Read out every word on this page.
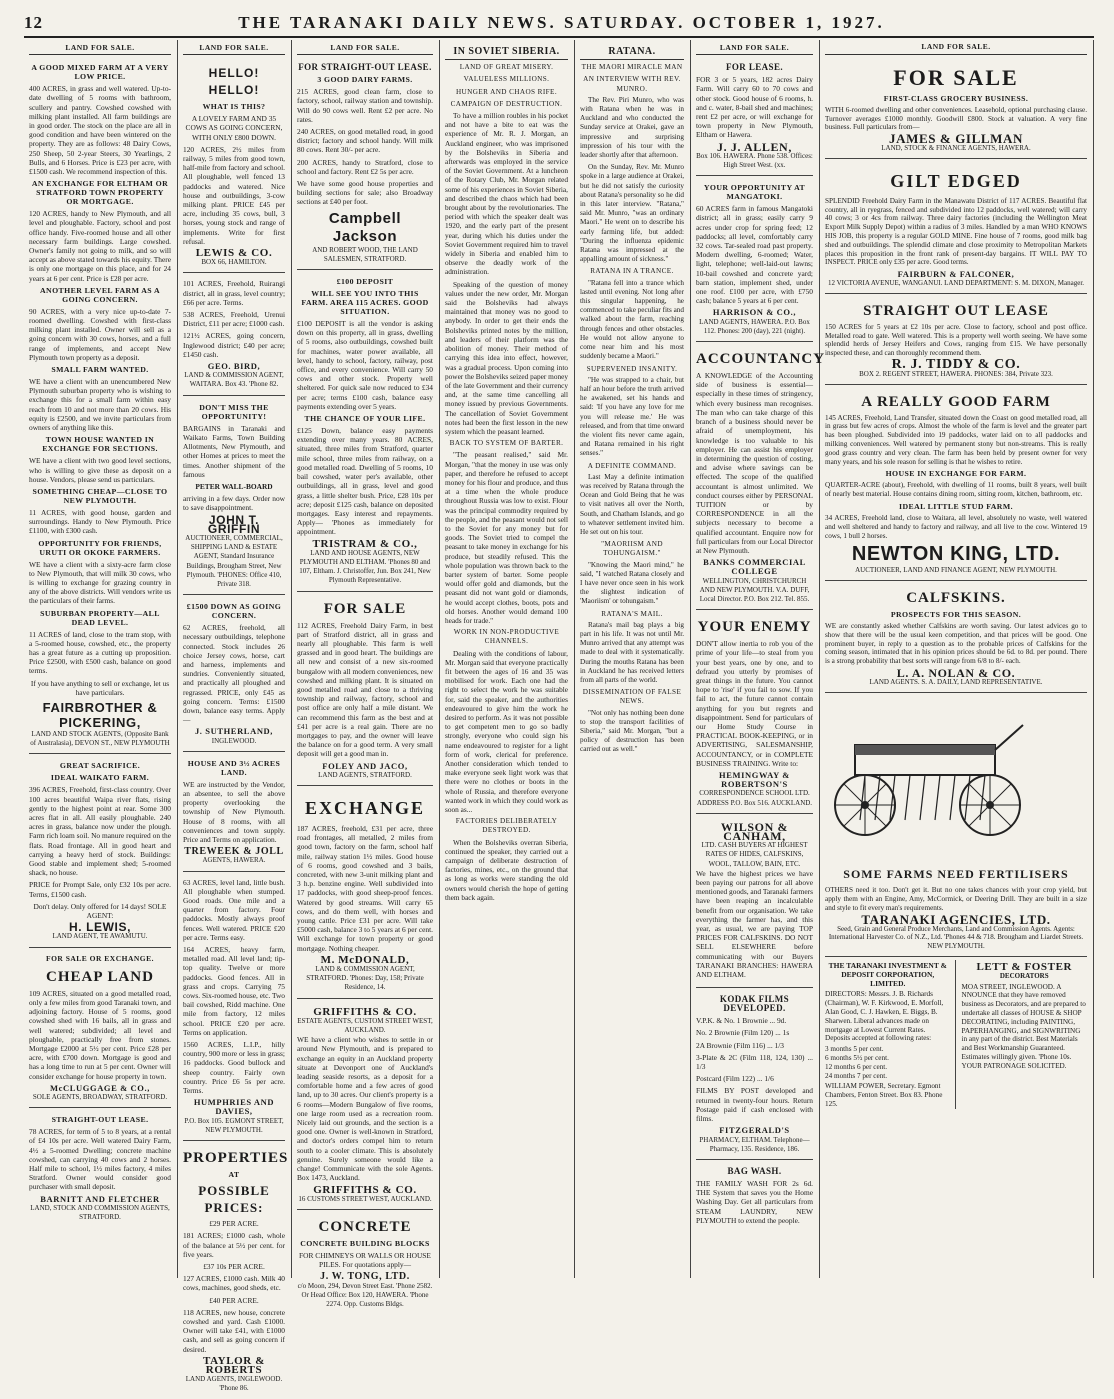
12	THE TARANAKI DAILY NEWS. SATURDAY. OCTOBER 1, 1927.
LAND FOR SALE.
A GOOD MIXED FARM AT A VERY LOW PRICE.

400 ACRES, in grass and well watered. Up-to-date dwelling of 5 rooms with bathroom, scullery and pantry. Cowshed cowshed with milking plant installed. All farm buildings are in good order. The stock on the place are all in good condition and have been wintered on the property. They are as follows: 48 Dairy Cows, 250 Sheep, 50 2-year Steers, 30 Yearlings, 2 Bulls, and 6 Horses. Price is £23 per acre, with £1500 cash. We recommend inspection of this.

AN EXCHANGE FOR ELTHAM OR STRATFORD TOWN PROPERTY OR MORTGAGE.

120 ACRES, handy to New Plymouth, and all level and ploughable. Factory, school and post office handy. Five-roomed house and all other necessary farm buildings. Large cowshed. Owner's family not going to milk, and so will accept as above stated towards his equity. There is only one mortgage on this place, and for 24 years at 6 per cent. Price is £28 per acre.

ANOTHER LEVEL FARM AS A GOING CONCERN.

90 ACRES, with a very nice up-to-date 7-roomed dwelling. Cowshed with first-class milking plant installed. Owner will sell as a going concern with 30 cows, horses, and a full range of implements, and accept New Plymouth town property as a deposit.

SMALL FARM WANTED.

WE have a client with an unencumbered New Plymouth suburban property who is wishing to exchange this for a small farm within easy reach from 10 and not more than 20 cows. His equity is £2500, and we invite particulars from owners of anything like this.

TOWN HOUSE WANTED IN EXCHANGE FOR SECTIONS.

WE have a client with two good level sections, who is willing to give these as deposit on a house. Vendors, please send us particulars.

SOMETHING CHEAP—CLOSE TO NEW PLYMOUTH.

11 ACRES, with good house, garden and surroundings. Handy to New Plymouth. Price £1100, with £300 cash.

OPPORTUNITY FOR FRIENDS, URUTI OR OKOKE FARMERS.

WE have a client with a sixty-acre farm close to New Plymouth, that will milk 30 cows, who is willing to exchange for grazing country in any of the above districts. Will vendors write us the particulars of their farms.

SUBURBAN PROPERTY—ALL DEAD LEVEL.

11 ACRES of land, close to the tram stop, with a 5-roomed house, cowshed, etc., the property has a great future as a cutting up proposition. Price £2500, with £500 cash, balance on good terms.

If you have anything to sell or exchange, let us have particulars.

FAIRBROTHER & PICKERING,
LAND AND STOCK AGENTS, (Opposite Bank of Australasia), DEVON ST., NEW PLYMOUTH
GREAT SACRIFICE.
IDEAL WAIKATO FARM.

396 ACRES, Freehold, first-class country. Over 100 acres beautiful Waipa river flats, rising gently to the highest point at rear. Some 300 acres flat in all. All easily ploughable. 240 acres in grass, balance now under the plough. Farm rich loam soil. No manure required on the flats. Road frontage. All in good heart and carrying a heavy herd of stock. Buildings: Good stable and implement shed; 5-roomed shack, no house.

PRICE for Prompt Sale, only £32 10s per acre. Terms, £1500 cash.

Don't delay. Only offered for 14 days! SOLE AGENT:

H. LEWIS,
LAND AGENT, TE AWAMUTU.
FOR SALE OR EXCHANGE.
CHEAP LAND

109 ACRES, situated on a good metalled road, only a few miles from good Taranaki town, and adjoining factory. House of 5 rooms, good cowshed shed with 16 bails, all in grass and well watered; subdivided; all level and ploughable, practically free from stones. Mortgage £2000 at 5½ per cent. Price £28 per acre, with £700 down. Mortgage is good and has a long time to run at 5 per cent. Owner will consider exchange for house property in town.

McCLUGGAGE & CO.,
SOLE AGENTS, BROADWAY, STRATFORD.
STRAIGHT-OUT LEASE.

78 ACRES, for term of 5 to 8 years, at a rental of £4 10s per acre. Well watered Dairy Farm, 4½ a 5-roomed Dwelling; concrete machine cowshed, can carrying 40 cows and 2 horses. Half mile to school, 1½ miles factory, 4 miles Stratford. Owner would consider good purchaser with small deposit.

BARNITT AND FLETCHER
LAND, STOCK AND COMMISSION AGENTS, STRATFORD.
LAND FOR SALE.
HELLO! HELLO!
WHAT IS THIS?

A LOVELY FARM AND 35 COWS AS GOING CONCERN, WITH ONLY £800 DOWN.

120 ACRES, 2½ miles from railway, 5 miles from good town, half-mile from factory and school. All ploughable, well fenced 13 paddocks and watered. Nice house and outbuildings, 3-cow milking plant. PRICE £45 per acre, including 35 cows, bull, 3 horses, young stock and range of implements. Write for first refusal.

LEWIS & CO.
BOX 66, HAMILTON.

101 ACRES, Freehold, Ruirangi district, all in grass, level country; £66 per acre. Terms.

538 ACRES, Freehold, Urenui District, £11 per acre; £1000 cash.

121½ ACRES, going concern, Inglewood district; £40 per acre; £1450 cash.

GEO. BIRD,
LAND & COMMISSION AGENT, WAITARA. Box 43. 'Phone 82.
DON'T MISS THE OPPORTUNITY!

BARGAINS in Taranaki and Waikato Farms, Town Building Allotments, New Plymouth, and other Homes at prices to meet the times. Another shipment of the famous

PETER WALL-BOARD

arriving in a few days. Order now to save disappointment.

JOHN T. GRIFFIN
AUCTIONEER, COMMERCIAL, SHIPPING LAND & ESTATE AGENT, Standard Insurance Buildings, Brougham Street, New Plymouth. 'PHONES: Office 410, Private 318.
£1500 DOWN AS GOING CONCERN.

62 ACRES, freehold, all necessary outbuildings, telephone connected. Stock includes 26 choice Jersey cows, horse, cart and harness, implements and sundries. Conveniently situated, and practically all ploughed and regrassed. PRICE, only £45 as going concern. Terms: £1500 down, balance easy terms. Apply—

J. SUTHERLAND,
INGLEWOOD.
HOUSE AND 3½ ACRES LAND.

WE are instructed by the Vendor, an absentee, to sell the above property overlooking the township of New Plymouth. House of 8 rooms, with all conveniences and town supply. Price and Terms on application.

TREWEEK & JOLL
AGENTS, HAWERA.

63 ACRES, level land, little bush. All ploughable when stumped. Good roads. One mile and a quarter from factory. Four paddocks. Mostly always proof fences. Well watered. PRICE £20 per acre. Terms easy.

164 ACRES, heavy farm, metalled road. All level land; tip-top quality. Twelve or more paddocks. Good fences. All in grass and crops. Carrying 75 cows. Six-roomed house, etc. Two bail cowshed, Ridd machine. One mile from factory, 12 miles school. PRICE £20 per acre. Terms on application.

1560 ACRES, L.I.P., hilly country, 900 more or less in grass; 16 paddocks. Good bullock and sheep country. Fairly own country. Price £6 5s per acre. Terms.

HUMPHRIES AND DAVIES,
P.O. Box 105. EGMONT STREET, NEW PLYMOUTH.
PROPERTIES
AT
POSSIBLE PRICES:

£29 PER ACRE.

181 ACRES; £1000 cash, whole of the balance at 5½ per cent. for five years.

£37 10s PER ACRE.

127 ACRES, £1000 cash. Milk 40 cows, machines, good sheds, etc.

£40 PER ACRE.

118 ACRES, new house, concrete cowshed and yard. Cash £1000. Owner will take £41, with £1000 cash, and sell as going concern if desired.

TAYLOR & ROBERTS
LAND AGENTS, INGLEWOOD. 'Phone 86.
LAND FOR SALE.
FOR STRAIGHT-OUT LEASE.
3 GOOD DAIRY FARMS.

215 ACRES, good clean farm, close to factory, school, railway station and township. Will do 90 cows well. Rent £2 per acre. No rates.

240 ACRES, on good metalled road, in good district; factory and school handy. Will milk 80 cows. Rent 30/- per acre.

200 ACRES, handy to Stratford, close to school and factory. Rent £2 5s per acre.

We have some good house properties and building sections for sale; also Broadway sections at £40 per foot.

Campbell Jackson
AND ROBERT WOOD, THE LAND SALESMEN, STRATFORD.
£100 DEPOSIT
WILL SEE YOU INTO THIS FARM. AREA 115 ACRES. GOOD SITUATION.

£100 DEPOSIT is all the vendor is asking down on this property, all in grass, dwelling of 5 rooms, also outbuildings, cowshed built for machines, water power available, all level, handy to school, factory, railway, post office, and every convenience. Will carry 50 cows and other stock. Property well sheltered. For quick sale now reduced to £34 per acre; terms £100 cash, balance easy payments extending over 5 years.

THE CHANCE OF YOUR LIFE.

£125 Down, balance easy payments extending over many years. 80 ACRES, situated, three miles from Stratford, quarter mile school, three miles from railway, on a good metalled road. Dwelling of 5 rooms, 10 bail cowshed, water per's available, other outbuildings, all in grass, level and good grass, a little shelter bush. Price, £28 10s per acre; deposit £125 cash, balance on deposited mortgages. Easy interest and repayments. Apply— 'Phones as immediately for appointment.

TRISTRAM & CO.,
LAND AND HOUSE AGENTS, NEW PLYMOUTH AND ELTHAM. 'Phones 80 and 107, Eltham. J. Christoffer, Jun. Box 241, New Plymouth Representative.
FOR SALE

112 ACRES, Freehold Dairy Farm, in best part of Stratford district, all in grass and nearly all ploughable. This farm is well grassed and in good heart. The buildings are all new and consist of a new six-roomed bungalow with all modern conveniences, new cowshed and milking plant. It is situated on good metalled road and close to a thriving township and railway, factory, school and post office are only half a mile distant. We can recommend this farm as the best and at £41 per acre is a real gain. There are no mortgages to pay, and the owner will leave the balance on for a good term. A very small deposit will get a good man in.

FOLEY AND JACO,
LAND AGENTS, STRATFORD.
EXCHANGE

187 ACRES, freehold, £31 per acre, three road frontages, all metalled, 2 miles from good town, factory on the farm, school half mile, railway station 1½ miles. Good house of 6 rooms, good cowshed and 3 bails, concreted, with new 3-unit milking plant and 3 h.p. benzine engine. Well subdivided into 17 paddocks, with good sheep-proof fences. Watered by good streams. Will carry 65 cows, and do them well, with horses and young cattle. Price £31 per acre. Will take £5000 cash, balance 3 to 5 years at 6 per cent. Will exchange for town property or good mortgage. Nothing cheaper.

M. McDONALD,
LAND & COMMISSION AGENT, STRATFORD. 'Phones: Day, 158; Private Residence, 14.
GRIFFITHS & CO.
ESTATE AGENTS, CUSTOM STREET WEST, AUCKLAND.

WE have a client who wishes to settle in or around New Plymouth, and is prepared to exchange an equity in an Auckland property situate at Devonport one of Auckland's leading seaside resorts, as a deposit for a comfortable home and a few acres of good land, up to 30 acres. Our client's property is a 6 rooms—Modern Bungalow of five rooms, one large room used as a recreation room. Nicely laid out grounds, and the section is a good one. Owner is well-known in Stratford, and doctor's orders compel him to return south to a cooler climate. This is absolutely genuine. Surely someone would like a change! Communicate with the sole Agents. Box 1473, Auckland.

GRIFFITHS & CO.
16 CUSTOMS STREET WEST, AUCKLAND.
CONCRETE
CONCRETE BUILDING BLOCKS

FOR CHIMNEYS OR WALLS OR HOUSE PILES. For quotations apply—

J. W. TONG, LTD.
c/o Moon, 294, Devon Street East. 'Phone 2582. Or Head Office: Box 120, HAWERA. 'Phone 2274. Opp. Customs Bldgs.
IN SOVIET SIBERIA.
LAND OF GREAT MISERY.
VALUELESS MILLIONS.
HUNGER AND CHAOS RIFE.
CAMPAIGN OF DESTRUCTION.

To have a million roubles in his pocket and not have a bite to eat was the experience of Mr. R. J. Morgan, an Auckland engineer, who was imprisoned by the Bolsheviks in Siberia and afterwards was employed in the service of the Soviet Government. At a luncheon of the Rotary Club, Mr. Morgan related some of his experiences in Soviet Siberia, and described the chaos which had been brought about by the revolutionaries. The period with which the speaker dealt was 1920, and the early part of the present year, during which his duties under the Soviet Government required him to travel widely in Siberia and enabled him to observe the deadly work of the administration.

Speaking of the question of money values under the new order, Mr. Morgan said the Bolsheviks had always maintained that money was no good to anybody. In order to get their ends the Bolsheviks printed notes by the million, and leaders of their platform was the abolition of money. Their method of carrying this idea into effect, however, was a gradual process. Upon coming into power the Bolsheviks seized paper money of the late Government and their currency and, at the same time cancelling all money issued by previous Governments. The cancellation of Soviet Government notes had been the first lesson in the new system which the peasant learned.

BACK TO SYSTEM OF BARTER.

"The peasant realised," said Mr. Morgan, "that the money in use was only paper, and therefore he refused to accept money for his flour and produce, and thus at a time when the whole produce throughout Russia was low to exist. Flour was the principal commodity required by the people, and the peasant would not sell to the Soviet for any money but for goods. The Soviet tried to compel the peasant to take money in exchange for his produce, but steadily refused. This the whole population was thrown back to the barter system of barter. Some people would offer gold and diamonds, but the peasant did not want gold or diamonds, he would accept clothes, boots, pots and old horses. Another would demand 100 heads for trade."

WORK IN NON-PRODUCTIVE CHANNELS.

Dealing with the conditions of labour, Mr. Morgan said that everyone practically fit between the ages of 16 and 35 was mobilised for work. Each one had the right to select the work he was suitable for, said the speaker, and the authorities endeavoured to give him the work he desired to perform. As it was not possible to get competent men to go so badly strongly, everyone who could sign his name endeavoured to register for a light form of work, clerical for preference. Another consideration which tended to make everyone seek light work was that there were no clothes or boots in the whole of Russia, and therefore everyone wanted work in which they could work as soon as...

FACTORIES DELIBERATELY DESTROYED.

When the Bolsheviks overran Siberia, continued the speaker, they carried out a campaign of deliberate destruction of factories, mines, etc., on the ground that as long as works were standing the old owners would cherish the hope of getting them back again.

RATANA.
THE MAORI MIRACLE MAN
AN INTERVIEW WITH REV. MUNRO.

The Rev. Piri Munro, who was with Ratana when he was in Auckland and who conducted the Sunday service at Orakei, gave an impressive and surprising impression of his tour with the leader shortly after that afternoon.

On the Sunday, Rev. Mr. Munro spoke in a large audience at Orakei, but he did not satisfy the curiosity about Ratana's personality so he did in this later interview. "Ratana," said Mr. Munro, "was an ordinary Maori." He went on to describe his early farming life, but added: "During the influenza epidemic Ratana was impressed at the appalling amount of sickness."

RATANA IN A TRANCE.

"Ratana fell into a trance which lasted until evening. Not long after this singular happening, he commenced to take peculiar fits and walked about the farm, reaching through fences and other obstacles. He would not allow anyone to come near him and his most suddenly became a Maori."

SUPERVENED INSANITY.

"He was strapped to a chair, but half an hour before the truth arrived he awakened, set his hands and said: 'If you have any love for me you will release me.' He was released, and from that time onward the violent fits never came again, and Ratana remained in his right senses."

A DEFINITE COMMAND.

Last May a definite intimation was received by Ratana through the Ocean and Gold Being that he was to visit natives all over the North, South, and Chatham Islands, and go to whatever settlement invited him. He set out on his tour.

"MAORIISM AND TOHUNGAISM."

"Knowing the Maori mind," he said, "I watched Ratana closely and I have never once seen in his work the slightest indication of 'Maoriism' or tohungaism."

RATANA'S MAIL.

Ratana's mail bag plays a big part in his life. It was not until Mr. Munro arrived that any attempt was made to deal with it systematically. During the mouths Ratana has been in Auckland he has received letters from all parts of the world.

DISSEMINATION OF FALSE NEWS.

"Not only has nothing been done to stop the transport facilities of Siberia," said Mr. Morgan, "but a policy of destruction has been carried out as well."

LAND FOR SALE.
FOR LEASE.

FOR 3 or 5 years, 182 acres Dairy Farm. Will carry 60 to 70 cows and other stock. Good house of 6 rooms, h. and c. water, 8-bail shed and machines; rent £2 per acre, or will exchange for town property in New Plymouth, Eltham or Hawera.

J. J. ALLEN,
Box 106. HAWERA. Phone 538. Offices: High Street West. (xx.
YOUR OPPORTUNITY AT MANGATOKI.

60 ACRES farm in famous Mangatoki district; all in grass; easily carry 9 acres under crop for spring feed; 12 paddocks; all level, comfortably carry 32 cows. Tar-sealed road past property. Modern dwelling, 6-roomed; Water, light, telephone; well-laid-out lawns; 10-bail cowshed and concrete yard; barn station, implement shed, under one roof. £100 per acre, with £750 cash; balance 5 years at 6 per cent.

HARRISON & CO.,
LAND AGENTS, HAWERA. P.O. Box 112. Phones: 200 (day), 221 (night).
ACCOUNTANCY

A KNOWLEDGE of the Accounting side of business is essential—especially in these times of stringency, which every business man recognises. The man who can take charge of this branch of a business should never be afraid of unemployment, his knowledge is too valuable to his employer. He can assist his employer in determining the question of costing, and advise where savings can be effected. The scope of the qualified accountant is almost unlimited. We conduct courses either by PERSONAL TUITION or by CORRESPONDENCE in all the subjects necessary to become a qualified accountant. Enquire now for full particulars from our Local Director at New Plymouth.

BANKS COMMERCIAL COLLEGE
WELLINGTON, CHRISTCHURCH AND NEW PLYMOUTH. V.A. DUFF, Local Director. P.O. Box 212. Tel. 855.
YOUR ENEMY

DON'T allow inertia to rob you of the prime of your life—to steal from you your best years, one by one, and to defraud you utterly by promises of great things in the future. You cannot hope to 'rise' if you fail to sow. If you fail to act, the future cannot contain anything for you but regrets and disappointment. Send for particulars of our Home Study Course in PRACTICAL BOOK-KEEPING, or in ADVERTISING, SALESMANSHIP, ACCOUNTANCY, or in COMPLETE BUSINESS TRAINING. Write to:

HEMINGWAY & ROBERTSON'S
CORRESPONDENCE SCHOOL LTD. ADDRESS P.O. Box 516. AUCKLAND.
WILSON & CANHAM,
LTD. CASH BUYERS AT HIGHEST RATES OF HIDES, CALFSKINS, WOOL, TALLOW, BAIN, ETC.

We have the highest prices we have been paying our patrons for all above mentioned goods, and Taranaki farmers have been reaping an incalculable benefit from our organisation. We take everything the farmer has, and this year, as usual, we are paying TOP PRICES FOR CALFSKINS. DO NOT SELL ELSEWHERE before communicating with our Buyers TARANAKI BRANCHES: HAWERA AND ELTHAM.

KODAK FILMS DEVELOPED.

V.P.K. & No. 1 Brownie ... 9d.

No. 2 Brownie (Film 120) ... 1s

2A Brownie (Film 116) ... 1/3

3-Plate & 2C (Film 118, 124, 130) ... 1/3

Postcard (Film 122) ... 1/6

FILMS BY POST developed and returned in twenty-four hours. Return Postage paid if cash enclosed with films.

FITZGERALD'S
PHARMACY, ELTHAM. Telephone— Pharmacy, 135. Residence, 186.
BAG WASH.

THE FAMILY WASH FOR 2s 6d. THE System that saves you the Home Washing Day. Get all particulars from STEAM LAUNDRY, NEW PLYMOUTH to extend the people.

LAND FOR SALE.
FOR SALE
FIRST-CLASS GROCERY BUSINESS.

WITH 6-roomed dwelling and other conveniences. Leasehold, optional purchasing clause. Turnover averages £1000 monthly. Goodwill £800. Stock at valuation. A very fine business. Full particulars from—

JAMES & GILLMAN
LAND, STOCK & FINANCE AGENTS, HAWERA.
GILT EDGED

SPLENDID Freehold Dairy Farm in the Manawatu District of 117 ACRES. Beautiful flat country, all in ryegrass, fenced and subdivided into 12 paddocks, well watered; will carry 40 cows; 3 or 4cs from railway. Three dairy factories (including the Wellington Meat Export Milk Supply Depot) within a radius of 3 miles. Handled by a man WHO KNOWS HIS JOB, this property is a regular GOLD MINE. Fine house of 7 rooms, good milk bag shed and outbuildings. The splendid climate and close proximity to Metropolitan Markets places this proposition in the front rank of present-day bargains. IT WILL PAY TO INSPECT. PRICE only £35 per acre. Good terms.

FAIRBURN & FALCONER,
12 VICTORIA AVENUE, WANGANUI. LAND DEPARTMENT: S. M. DIXON, Manager.
STRAIGHT OUT LEASE

150 ACRES for 5 years at £2 10s per acre. Close to factory, school and post office. Metalled road to gate. Well watered. This is a property well worth seeing. We have some splendid herds of Jersey Heifers and Cows, ranging from £15. We have personally inspected these, and can thoroughly recommend them.

R. J. TIDDY & CO.
BOX 2. REGENT STREET, HAWERA. PHONES: 384, Private 323.
A REALLY GOOD FARM

145 ACRES, Freehold, Land Transfer, situated down the Coast on good metalled road, all in grass but few acres of crops. Almost the whole of the farm is level and the greater part has been ploughed. Subdivided into 19 paddocks, water laid on to all paddocks and milking conveniences. Well watered by permanent stony but non-streams. This is really good grass country and very clean. The farm has been held by present owner for very many years, and his sole reason for selling is that he wishes to retire.

HOUSE IN EXCHANGE FOR FARM.

QUARTER-ACRE (about), Freehold, with dwelling of 11 rooms, built 8 years, well built of nearly best material. House contains dining room, sitting room, kitchen, bathroom, etc.

IDEAL LITTLE STUD FARM.

34 ACRES, Freehold land, close to Waitara, all level, absolutely no waste, well watered and well sheltered and handy to factory and railway, and all live to the cow. Wintered 19 cows, 1 bull 2 horses.

NEWTON KING, LTD.
AUCTIONEER, LAND AND FINANCE AGENT, NEW PLYMOUTH.
CALFSKINS.
PROSPECTS FOR THIS SEASON.

WE are constantly asked whether Calfskins are worth saving. Our latest advices go to show that there will be the usual keen competition, and that prices will be good. One prominent buyer, in reply to a question as to the probable prices of Calfskins for the coming season, intimated that in his opinion prices should be 6d. to 8d. per pound. There is a strong probability that best sorts will range from 6/8 to 8/- each.

L. A. NOLAN & CO.
LAND AGENTS. S. A. DAILY, LAND REPRESENTATIVE.
SOME FARMS NEED FERTILISERS

OTHERS need it too. Don't get it. But no one takes chances with your crop yield, but apply them with an Engine, Amy, McCormick, or Deering Drill. They are built in a size and style to fit every man's requirements.

TARANAKI AGENCIES, LTD.
Seed, Grain and General Produce Merchants, Land and Commission Agents. Agents: International Harvester Co. of N.Z., Ltd. 'Phones 44 & 718. Brougham and Liardet Streets. NEW PLYMOUTH.
THE TARANAKI INVESTMENT & DEPOSIT CORPORATION, LIMITED.

DIRECTORS: Messrs. J. B. Richards (Chairman), W. F. Kirkwood, E. Morfoll, Alan Good, C. J. Hawken, E. Biggs, B. Sharwen. Liberal advances made on mortgage at Lowest Current Rates. Deposits accepted at following rates:

3 months 5 per cent.

6 months 5½ per cent.

12 months 6 per cent.

24 months 7 per cent.

WILLIAM POWER, Secretary. Egmont Chambers, Fenton Street. Box 83. Phone 125.

LETT & FOSTER
DECORATORS

MOA STREET, INGLEWOOD. A NNOUNCE that they have removed business as Decorators, and are prepared to undertake all classes of HOUSE & SHOP DECORATING, including PAINTING, PAPERHANGING, and SIGNWRITING in any part of the district. Best Materials and Best Workmanship Guaranteed. Estimates willingly given. 'Phone 10s. YOUR PATRONAGE SOLICITED.
